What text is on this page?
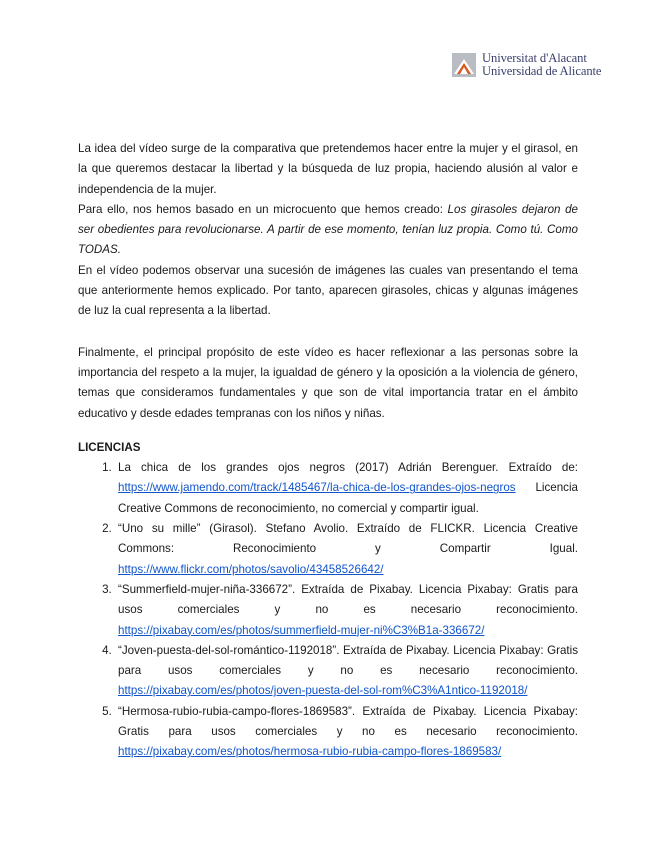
Universitat d'Alacant
Universidad de Alicante

La idea del vídeo surge de la comparativa que pretendemos hacer entre la mujer y el girasol, en la que queremos destacar la libertad y la búsqueda de luz propia, haciendo alusión al valor e independencia de la mujer.

Para ello, nos hemos basado en un microcuento que hemos creado: Los girasoles dejaron de ser obedientes para revolucionarse. A partir de ese momento, tenían luz propia. Como tú. Como TODAS.

En el vídeo podemos observar una sucesión de imágenes las cuales van presentando el tema que anteriormente hemos explicado. Por tanto, aparecen girasoles, chicas y algunas imágenes de luz la cual representa a la libertad.

Finalmente, el principal propósito de este vídeo es hacer reflexionar a las personas sobre la importancia del respeto a la mujer, la igualdad de género y la oposición a la violencia de género, temas que consideramos fundamentales y que son de vital importancia tratar en el ámbito educativo y desde edades tempranas con los niños y niñas.

LICENCIAS

1. La chica de los grandes ojos negros (2017) Adrián Berenguer. Extraído de: https://www.jamendo.com/track/1485467/la-chica-de-los-grandes-ojos-negros Licencia Creative Commons de reconocimiento, no comercial y compartir igual.
2. “Uno su mille” (Girasol). Stefano Avolio. Extraído de FLICKR. Licencia Creative Commons: Reconocimiento y Compartir Igual. https://www.flickr.com/photos/savolio/43458526642/
3. “Summerfield-mujer-niña-336672”. Extraída de Pixabay. Licencia Pixabay: Gratis para usos comerciales y no es necesario reconocimiento. https://pixabay.com/es/photos/summerfield-mujer-ni%C3%B1a-336672/
4. “Joven-puesta-del-sol-romántico-1192018”. Extraída de Pixabay. Licencia Pixabay: Gratis para usos comerciales y no es necesario reconocimiento. https://pixabay.com/es/photos/joven-puesta-del-sol-rom%C3%A1ntico-1192018/
5. “Hermosa-rubio-rubia-campo-flores-1869583”. Extraída de Pixabay. Licencia Pixabay: Gratis para usos comerciales y no es necesario reconocimiento. https://pixabay.com/es/photos/hermosa-rubio-rubia-campo-flores-1869583/
